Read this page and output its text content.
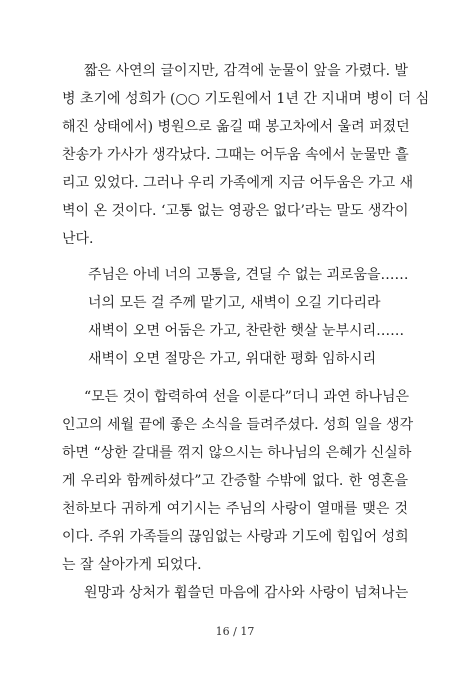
짧은 사연의 글이지만, 감격에 눈물이 앞을 가렸다. 발
병 초기에 성희가 (○○ 기도원에서 1년 간 지내며 병이 더 심
해진 상태에서) 병원으로 옮길 때 봉고차에서 울려 퍼졌던
찬송가 가사가 생각났다. 그때는 어두움 속에서 눈물만 흘
리고 있었다. 그러나 우리 가족에게 지금 어두움은 가고 새
벽이 온 것이다. ‘고통 없는 영광은 없다’라는 말도 생각이
난다.
주님은 아네 너의 고통을, 견딜 수 없는 괴로움을……
너의 모든 걸 주께 맡기고, 새벽이 오길 기다리라
새벽이 오면 어둠은 가고, 찬란한 햇살 눈부시리……
새벽이 오면 절망은 가고, 위대한 평화 임하시리
“모든 것이 합력하여 선을 이룬다”더니 과연 하나님은
인고의 세월 끝에 좋은 소식을 들려주셨다. 성희 일을 생각
하면 “상한 갈대를 꺾지 않으시는 하나님의 은혜가 신실하
게 우리와 함께하셨다”고 간증할 수밖에 없다. 한 영혼을
천하보다 귀하게 여기시는 주님의 사랑이 열매를 맺은 것
이다. 주위 가족들의 끊임없는 사랑과 기도에 힘입어 성희
는 잘 살아가게 되었다.
원망과 상처가 휩쓸던 마음에 감사와 사랑이 넘쳐나는
16 / 17
